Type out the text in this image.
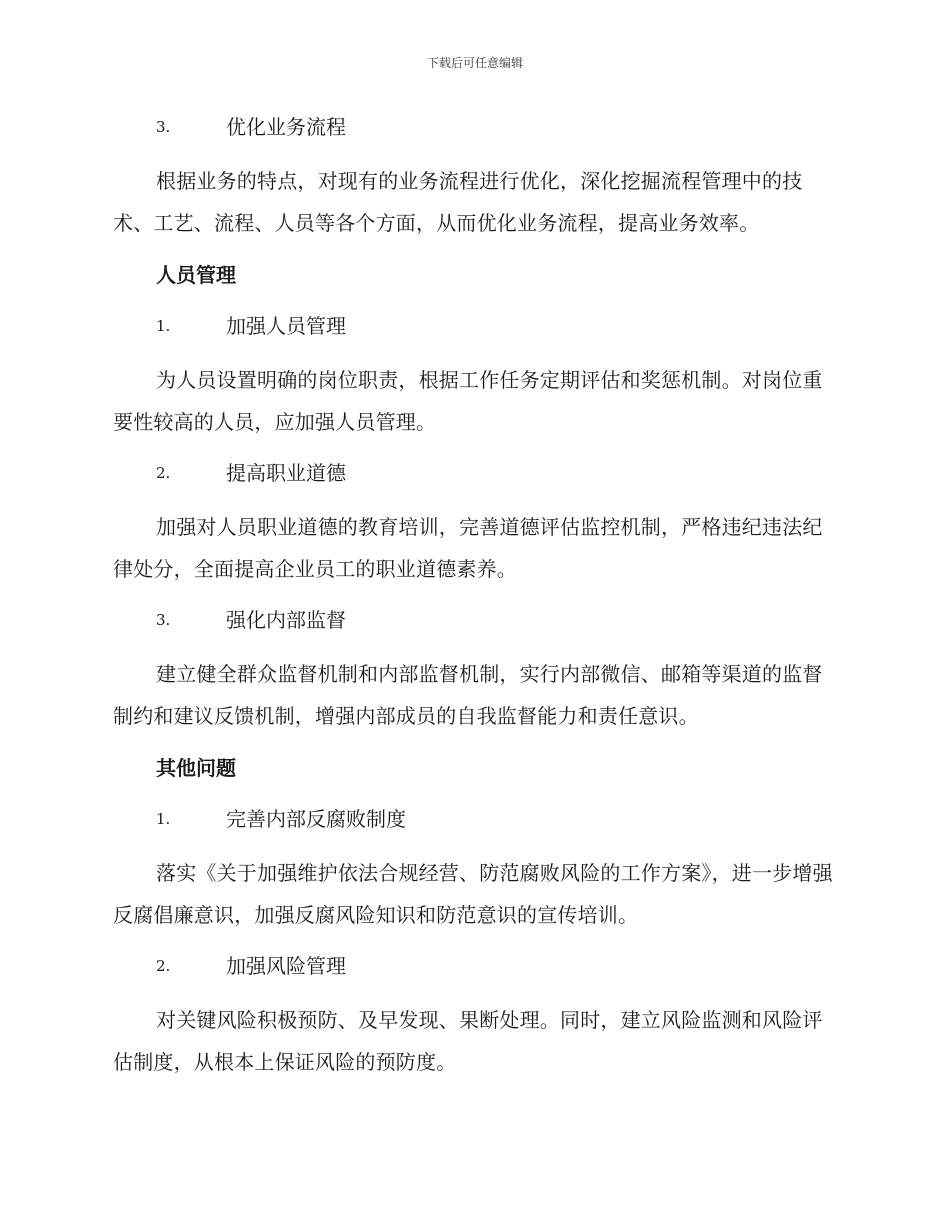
下载后可任意编辑
3.	优化业务流程

根据业务的特点，对现有的业务流程进行优化，深化挖掘流程管理中的技术、工艺、流程、人员等各个方面，从而优化业务流程，提高业务效率。

人员管理
1.	加强人员管理

为人员设置明确的岗位职责，根据工作任务定期评估和奖惩机制。对岗位重要性较高的人员，应加强人员管理。

2.	提高职业道德

加强对人员职业道德的教育培训，完善道德评估监控机制，严格违纪违法纪律处分，全面提高企业员工的职业道德素养。

3.	强化内部监督

建立健全群众监督机制和内部监督机制，实行内部微信、邮箱等渠道的监督制约和建议反馈机制，增强内部成员的自我监督能力和责任意识。

其他问题
1.	完善内部反腐败制度

落实《关于加强维护依法合规经营、防范腐败风险的工作方案》，进一步增强反腐倡廉意识，加强反腐风险知识和防范意识的宣传培训。

2.	加强风险管理

对关键风险积极预防、及早发现、果断处理。同时，建立风险监测和风险评估制度，从根本上保证风险的预防度。
